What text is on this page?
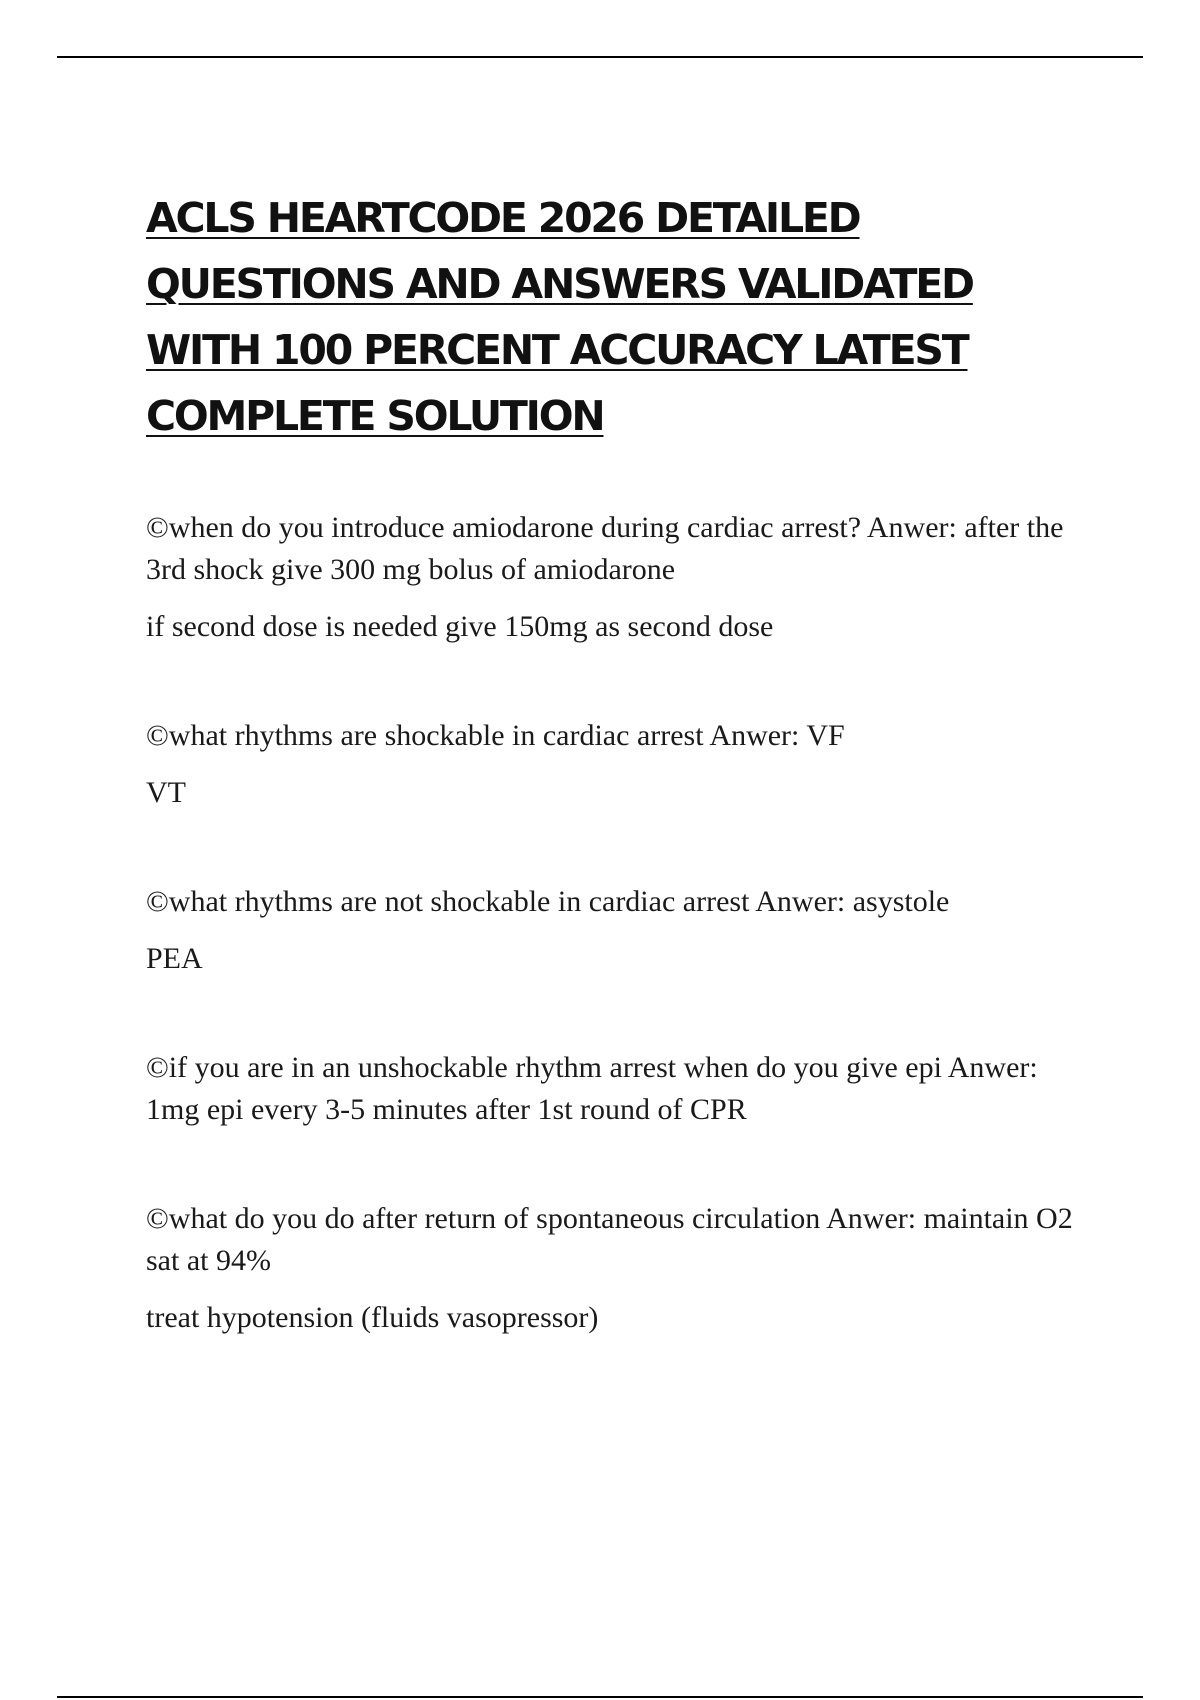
ACLS HEARTCODE 2026 DETAILED QUESTIONS AND ANSWERS VALIDATED WITH 100 PERCENT ACCURACY LATEST COMPLETE SOLUTION

©when do you introduce amiodarone during cardiac arrest? Anwer: after the 3rd shock give 300 mg bolus of amiodarone

if second dose is needed give 150mg as second dose

©what rhythms are shockable in cardiac arrest Anwer: VF

VT

©what rhythms are not shockable in cardiac arrest Anwer: asystole

PEA

©if you are in an unshockable rhythm arrest when do you give epi Anwer: 1mg epi every 3-5 minutes after 1st round of CPR

©what do you do after return of spontaneous circulation Anwer: maintain O2 sat at 94%

treat hypotension (fluids vasopressor)
